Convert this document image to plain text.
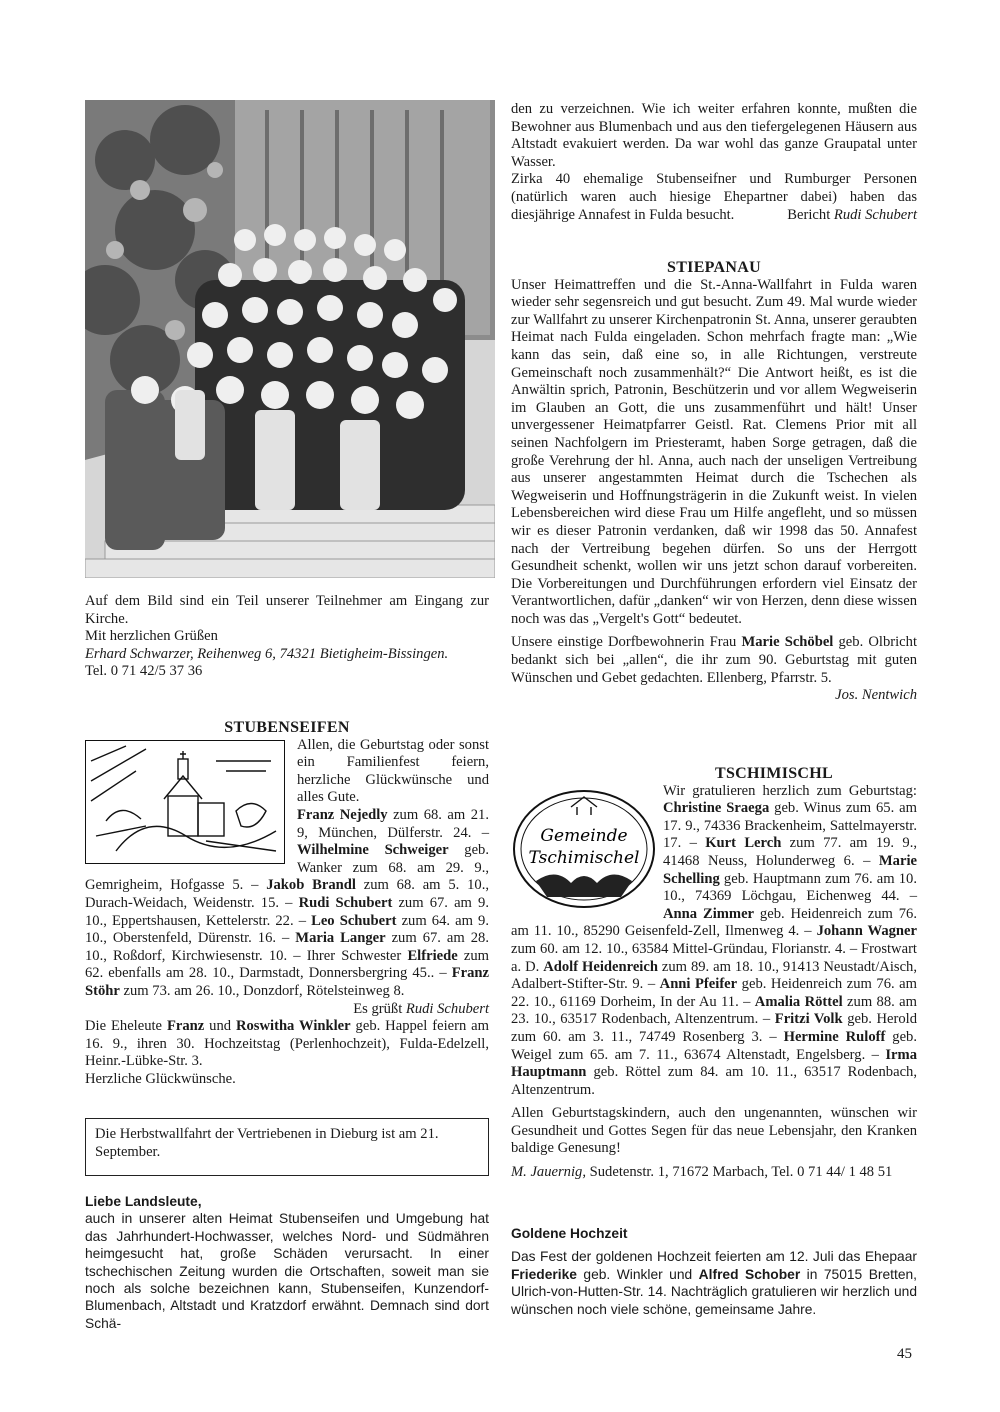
Auf dem Bild sind ein Teil unserer Teilnehmer am Eingang zur Kirche.

Mit herzlichen Grüßen

Erhard Schwarzer, Reihenweg 6, 74321 Bietigheim-Bissingen.

Tel. 0 71 42/5 37 36

STUBENSEIFEN

Allen, die Geburtstag oder sonst ein Familienfest feiern, herzliche Glückwünsche und alles Gute.

Franz Nejedly zum 68. am 21. 9, München, Dülferstr. 24. – Wilhelmine Schweiger geb. Wanker zum 68. am 29. 9., Gemrigheim, Hofgasse 5. – Jakob Brandl zum 68. am 5. 10., Durach-Weidach, Weidenstr. 15. – Rudi Schubert zum 67. am 9. 10., Eppertshausen, Kettelerstr. 22. – Leo Schubert zum 64. am 9. 10., Oberstenfeld, Dürenstr. 16. – Maria Langer zum 67. am 28. 10., Roßdorf, Kirchwiesenstr. 10. – Ihrer Schwester Elfriede zum 62. ebenfalls am 28. 10., Darmstadt, Donnersbergring 45.. – Franz Stöhr zum 73. am 26. 10., Donzdorf, Rötelsteinweg 8.
Es grüßt Rudi Schubert

Die Eheleute Franz und Roswitha Winkler geb. Happel feiern am 16. 9., ihren 30. Hochzeitstag (Perlenhochzeit), Fulda-Edelzell, Heinr.-Lübke-Str. 3.

Herzliche Glückwünsche.

Die Herbstwallfahrt der Vertriebenen in Dieburg ist am 21. September.

Liebe Landsleute,

auch in unserer alten Heimat Stubenseifen und Umgebung hat das Jahrhundert-Hochwasser, welches Nord- und Südmähren heimgesucht hat, große Schäden verursacht. In einer tschechischen Zeitung wurden die Ortschaften, soweit man sie noch als solche bezeichnen kann, Stubenseifen, Kunzendorf-Blumenbach, Altstadt und Kratzdorf erwähnt. Demnach sind dort Schä-

den zu verzeichnen. Wie ich weiter erfahren konnte, mußten die Bewohner aus Blumenbach und aus den tiefergelegenen Häusern aus Altstadt evakuiert werden. Da war wohl das ganze Graupatal unter Wasser.

Zirka 40 ehemalige Stubenseifner und Rumburger Personen (natürlich waren auch hiesige Ehepartner dabei) haben das diesjährige Annafest in Fulda besucht.	Bericht Rudi Schubert

STIEPANAU

Unser Heimattreffen und die St.-Anna-Wallfahrt in Fulda waren wieder sehr segensreich und gut besucht. Zum 49. Mal wurde wieder zur Wallfahrt zu unserer Kirchenpatronin St. Anna, unserer geraubten Heimat nach Fulda eingeladen. Schon mehrfach fragte man: „Wie kann das sein, daß eine so, in alle Richtungen, verstreute Gemeinschaft noch zusammenhält?“ Die Antwort heißt, es ist die Anwältin sprich, Patronin, Beschützerin und vor allem Wegweiserin im Glauben an Gott, die uns zusammenführt und hält! Unser unvergessener Heimatpfarrer Geistl. Rat. Clemens Prior mit all seinen Nachfolgern im Priesteramt, haben Sorge getragen, daß die große Verehrung der hl. Anna, auch nach der unseligen Vertreibung aus unserer angestammten Heimat durch die Tschechen als Wegweiserin und Hoffnungsträgerin in die Zukunft weist. In vielen Lebensbereichen wird diese Frau um Hilfe angefleht, und so müssen wir es dieser Patronin verdanken, daß wir 1998 das 50. Annafest nach der Vertreibung begehen dürfen. So uns der Herrgott Gesundheit schenkt, wollen wir uns jetzt schon darauf vorbereiten. Die Vorbereitungen und Durchführungen erfordern viel Einsatz der Verantwortlichen, dafür „danken“ wir von Herzen, denn diese wissen noch was das „Vergelt's Gott“ bedeutet.

Unsere einstige Dorfbewohnerin Frau Marie Schöbel geb. Olbricht bedankt sich bei „allen“, die ihr zum 90. Geburtstag mit guten Wünschen und Gebet gedachten. Ellenberg, Pfarrstr. 5.

Jos. Nentwich

TSCHIMISCHL
Gemeinde
Tschimischel

Wir gratulieren herzlich zum Geburtstag: Christine Sraega geb. Winus zum 65. am 17. 9., 74336 Brackenheim, Sattelmayerstr. 17. – Kurt Lerch zum 77. am 19. 9., 41468 Neuss, Holunderweg 6. – Marie Schelling geb. Hauptmann zum 76. am 10. 10., 74369 Löchgau, Eichenweg 44. – Anna Zimmer geb. Heidenreich zum 76. am 11. 10., 85290 Geisenfeld-Zell, Ilmenweg 4. – Johann Wagner zum 60. am 12. 10., 63584 Mittel-Gründau, Florianstr. 4. – Frostwart a. D. Adolf Heidenreich zum 89. am 18. 10., 91413 Neustadt/Aisch, Adalbert-Stifter-Str. 9. – Anni Pfeifer geb. Heidenreich zum 76. am 22. 10., 61169 Dorheim, In der Au 11. – Amalia Röttel zum 88. am 23. 10., 63517 Rodenbach, Altenzentrum. – Fritzi Volk geb. Herold zum 60. am 3. 11., 74749 Rosenberg 3. – Hermine Ruloff geb. Weigel zum 65. am 7. 11., 63674 Altenstadt, Engelsberg. – Irma Hauptmann geb. Röttel zum 84. am 10. 11., 63517 Rodenbach, Altenzentrum.

Allen Geburtstagskindern, auch den ungenannten, wünschen wir Gesundheit und Gottes Segen für das neue Lebensjahr, den Kranken baldige Genesung!

M. Jauernig, Sudetenstr. 1, 71672 Marbach, Tel. 0 71 44/ 1 48 51

Goldene Hochzeit

Das Fest der goldenen Hochzeit feierten am 12. Juli das Ehepaar Friederike geb. Winkler und Alfred Schober in 75015 Bretten, Ulrich-von-Hutten-Str. 14. Nachträglich gratulieren wir herzlich und wünschen noch viele schöne, gemeinsame Jahre.

45
